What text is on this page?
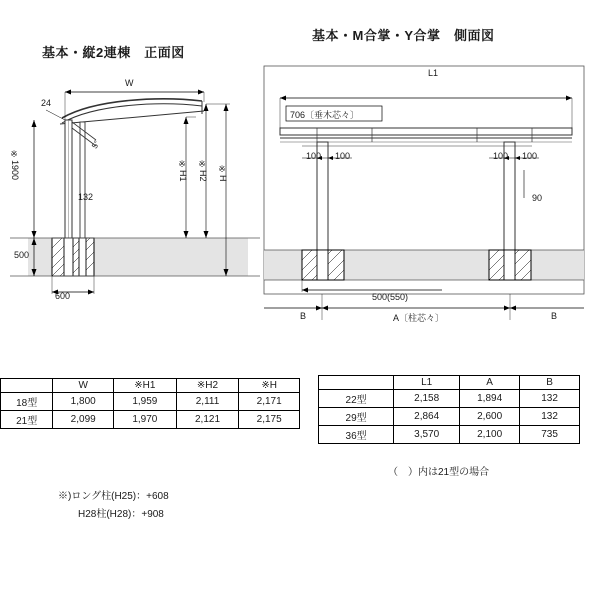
基本・縦2連棟　正面図
W
24
5°
※1900
500
132
※H1 ※H2 ※H
600
基本・M合掌・Y合掌　側面図
L1
706〔垂木芯々〕
100 100	100 100
90
500(550)
A〔柱芯々〕
B	B
	W	※H1	※H2	※H
18型	1,800	1,959	2,111	2,171
21型	2,099	1,970	2,121	2,175
	L1	A	B
22型	2,158	1,894	132
29型	2,864	2,600	132
36型	3,570	2,100	735
※)ロング柱(H25)：+608
H28柱(H28)：+908
（　）内は21型の場合
